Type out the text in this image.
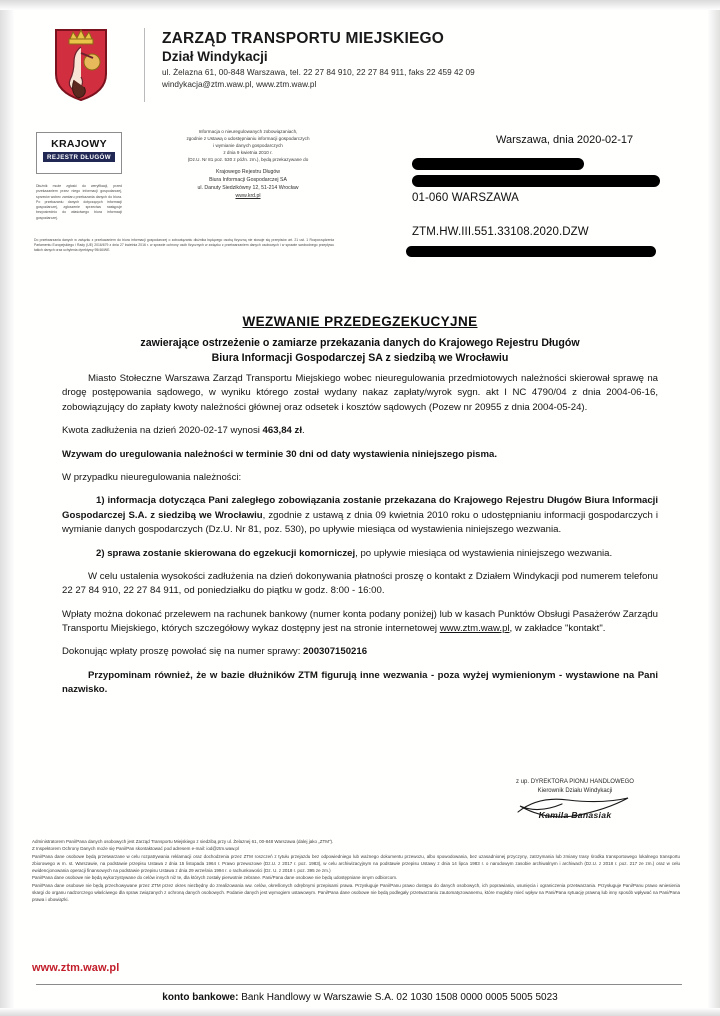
ZARZĄD TRANSPORTU MIEJSKIEGO
Dział Windykacji
ul. Żelazna 61, 00-848 Warszawa, tel. 22 27 84 910, 22 27 84 911, faks 22 459 42 09
windykacja@ztm.waw.pl, www.ztm.waw.pl
KRAJOWY
REJESTR DŁUGÓW
Informacja o nieuregulowanych zobowiązaniach,
zgodnie z Ustawą o udostępnianiu informacji gospodarczych
i wymianie danych gospodarczych
z dnia 9 kwietnia 2010 r.
(Dz.U. Nr 81 poz. 530 z późn. zm.), będą przekazywane do
Krajowego Rejestru Długów
Biura Informacji Gospodarczej SA
ul. Danuty Siedzikówny 12, 51-214 Wrocław
www.krd.pl
Dłużnik może zgłosić do weryfikacji, przed przekazaniem przez niego informacji gospodarczej, sprzeciw wobec zamiaru przekazania danych do biura. Po przekazaniu danych dotyczących informacji gospodarczej, zgłoszenie sprzeciwu następuje bezpośrednio do właściwego biura informacji gospodarczej.
Do przetwarzania danych w związku z przekazaniem do biura informacji gospodarczej o zobowiązaniu dłużnika będącego osobą fizyczną nie stosuje się przepisów art. 21 ust. 1 Rozporządzenia Parlamentu Europejskiego i Rady (UE) 2016/679 z dnia 27 kwietnia 2016 r. w sprawie ochrony osób fizycznych w związku z przetwarzaniem danych osobowych i w sprawie swobodnego przepływu takich danych oraz uchylenia dyrektywy 95/46/WE.
Warszawa, dnia 2020-02-17
01-060 WARSZAWA
ZTM.HW.III.551.33108.2020.DZW
WEZWANIE PRZEDEGZEKUCYJNE
zawierające ostrzeżenie o zamiarze przekazania danych do Krajowego Rejestru Długów
Biura Informacji Gospodarczej SA z siedzibą we Wrocławiu

Miasto Stołeczne Warszawa Zarząd Transportu Miejskiego wobec nieuregulowania przedmiotowych należności skierował sprawę na drogę postępowania sądowego, w wyniku którego został wydany nakaz zapłaty/wyrok sygn. akt I NC 4790/04 z dnia 2004-06-16, zobowiązujący do zapłaty kwoty należności głównej oraz odsetek i kosztów sądowych (Pozew nr 20955 z dnia 2004-05-24).

Kwota zadłużenia na dzień 2020-02-17 wynosi 463,84 zł.

Wzywam do uregulowania należności w terminie 30 dni od daty wystawienia niniejszego pisma.

W przypadku nieuregulowania należności:

1) informacja dotycząca Pani zaległego zobowiązania zostanie przekazana do Krajowego Rejestru Długów Biura Informacji Gospodarczej S.A. z siedzibą we Wrocławiu, zgodnie z ustawą z dnia 09 kwietnia 2010 roku o udostępnianiu informacji gospodarczych i wymianie danych gospodarczych (Dz.U. Nr 81, poz. 530), po upływie miesiąca od wystawienia niniejszego wezwania.

2) sprawa zostanie skierowana do egzekucji komorniczej, po upływie miesiąca od wystawienia niniejszego wezwania.

W celu ustalenia wysokości zadłużenia na dzień dokonywania płatności proszę o kontakt z Działem Windykacji pod numerem telefonu 22 27 84 910, 22 27 84 911, od poniedziałku do piątku w godz. 8:00 - 16:00.

Wpłaty można dokonać przelewem na rachunek bankowy (numer konta podany poniżej) lub w kasach Punktów Obsługi Pasażerów Zarządu Transportu Miejskiego, których szczegółowy wykaz dostępny jest na stronie internetowej www.ztm.waw.pl, w zakładce "kontakt".

Dokonując wpłaty proszę powołać się na numer sprawy: 200307150216

Przypominam również, że w bazie dłużników ZTM figurują inne wezwania - poza wyżej wymienionym - wystawione na Pani nazwisko.

z up. DYREKTORA PIONU HANDLOWEGO
Kierownik Działu Windykacji
Kamila Banasiak

Administratorem Pani/Pana danych osobowych jest Zarząd Transportu Miejskiego z siedzibą przy ul. Żelaznej 61, 00-848 Warszawa (dalej jako „ZTM").

Z Inspektorem Ochrony Danych może się Pani/Pan skontaktować pod adresem e-mail: iod@ztm.waw.pl

Pani/Pana dane osobowe będą przetwarzane w celu rozpatrywania reklamacji oraz dochodzenia przez ZTM roszczeń z tytułu przejazdu bez odpowiedniego lub ważnego dokumentu przewozu, albo spowodowania, bez uzasadnionej przyczyny, zatrzymania lub zmiany trasy środka transportowego lokalnego transportu zbiorowego w m. st. Warszawie, na podstawie przepisu Ustawa z dnia 15 listopada 1964 r. Prawo przewozowe (Dz.U. z 2017 r. poz. 1983), w celu archiwizacyjnym na podstawie przepisu Ustawy z dnia 14 lipca 1983 r. o narodowym zasobie archiwalnym i archiwach (Dz.U. z 2018 r. poz. 217 ze zm.) oraz w celu ewidencjonowania operacji finansowych na podstawie przepisu Ustawa z dnia 29 września 1994 r. o rachunkowości (Dz. U. z 2018 r. poz. 395 ze zm.)

Pani/Pana dane osobowe nie będą wykorzystywane do celów innych niż te, dla których zostały pierwotnie zebrane. Pani/Pana dane osobowe nie będą udostępniane innym odbiorcom.

Pani/Pana dane osobowe nie będą przechowywane przez ZTM przez okres niezbędny do zrealizowania ww. celów, określonych odrębnymi przepisami prawa. Przysługuje Pani/Panu prawo dostępu do danych osobowych, ich poprawiania, usunięcia i ograniczenia przetwarzania. Przysługuje Pani/Panu prawo wniesienia skargi do organu nadzorczego właściwego dla spraw związanych z ochroną danych osobowych. Podanie danych jest wymogiem ustawowym. Pani/Pana dane osobowe nie będą podlegały przetwarzaniu zautomatyzowanemu, które mogłoby mieć wpływ na Pani/Pana sytuację prawną lub inny sposób wpływać na Pani/Pana prawa i obowiązki.

www.ztm.waw.pl
konto bankowe: Bank Handlowy w Warszawie S.A. 02 1030 1508 0000 0005 5005 5023
